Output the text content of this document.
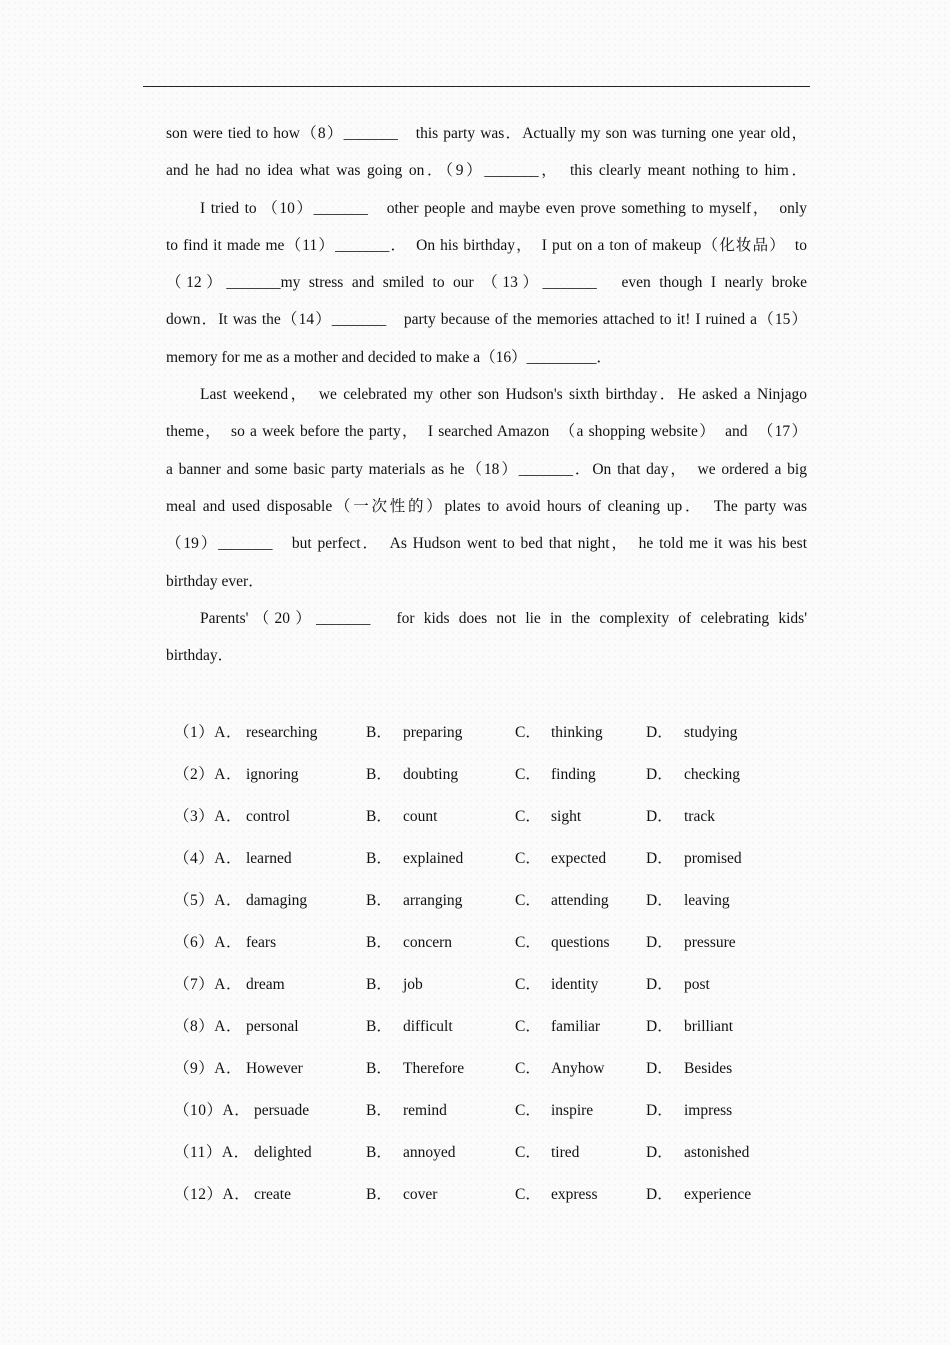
son were tied to how（8）_______　this party was．Actually my son was turning one year old，
and he had no idea what was going on．（9）_______，　this clearly meant nothing to him．
I tried to （10）_______　other people and maybe even prove something to myself，　only
to find it made me（11）_______．　On his birthday，　I put on a ton of makeup（化妆品）　to
（12）_______my stress and smiled to our （13）_______　even though I nearly broke
down．It was the（14）_______　party because of the memories attached to it! I ruined a（15）
memory for me as a mother and decided to make a（16）_________．
Last weekend，　we celebrated my other son Hudson's sixth birthday．He asked a Ninjago
theme，　so a week before the party，　I searched Amazon　（a shopping website）　and　（17）
a banner and some basic party materials as he（18）_______．On that day，　we ordered a big
meal and used disposable（一次性的）plates to avoid hours of cleaning up．　The party was
（19）_______　but perfect．　As Hudson went to bed that night，　he told me it was his best
birthday ever．
Parents'（20）_______　for kids does not lie in the complexity of celebrating kids'
birthday．
（1）A． researching	B． preparing	C． thinking	D． studying
（2）A． ignoring	B． doubting	C． finding	D． checking
（3）A． control	B． count	C． sight	D． track
（4）A． learned	B． explained	C． expected	D． promised
（5）A． damaging	B． arranging	C． attending D． leaving
（6）A． fears	B． concern	C． questions D． pressure
（7）A． dream	B． job	C． identity	D． post
（8）A． personal	B． difficult	C． familiar	D． brilliant
（9）A． However	B． Therefore	C． Anyhow	D． Besides
（10）A． persuade	B． remind	C． inspire	D． impress
（11）A． delighted	B． annoyed	C． tired	D． astonished
（12）A． create	B． cover	C． express	D． experience
